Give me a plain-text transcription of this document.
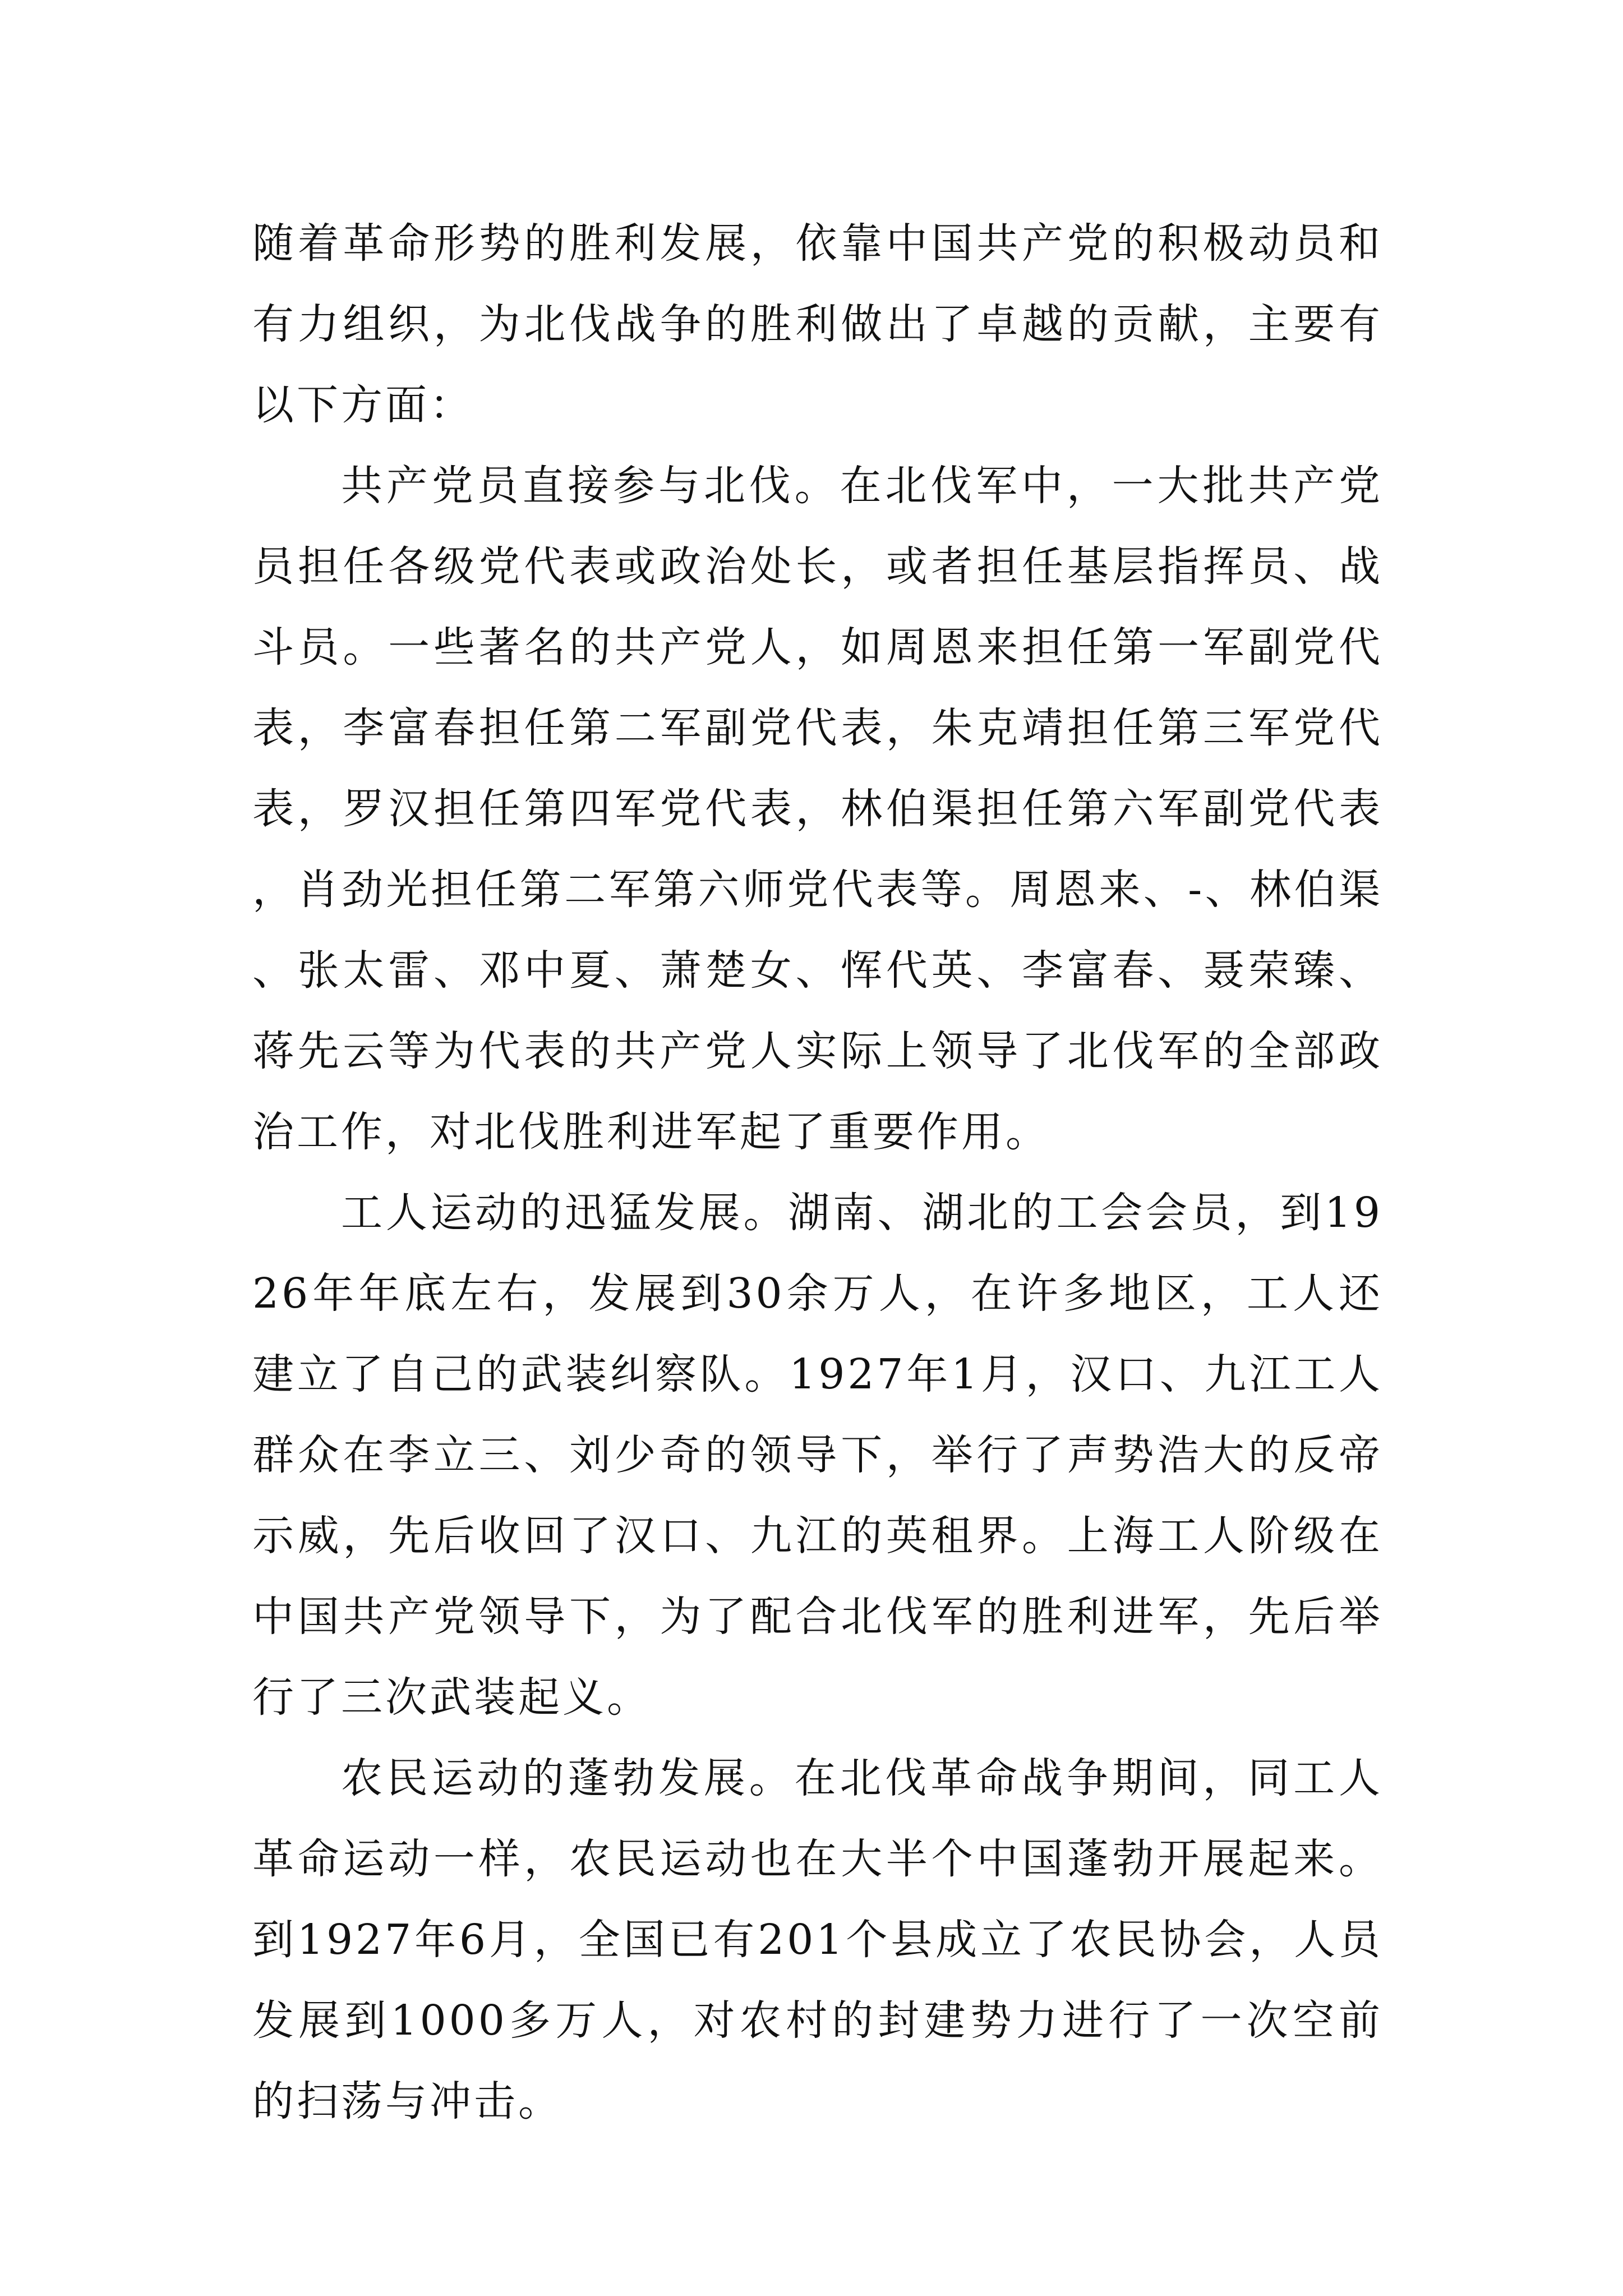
随着革命形势的胜利发展，依靠中国共产党的积极动员和有力组织，为北伐战争的胜利做出了卓越的贡献，主要有以下方面：

共产党员直接参与北伐。在北伐军中，一大批共产党员担任各级党代表或政治处长，或者担任基层指挥员、战斗员。一些著名的共产党人，如周恩来担任第一军副党代表，李富春担任第二军副党代表，朱克靖担任第三军党代表，罗汉担任第四军党代表，林伯渠担任第六军副党代表，肖劲光担任第二军第六师党代表等。周恩来、-、林伯渠、张太雷、邓中夏、萧楚女、恽代英、李富春、聂荣臻、蒋先云等为代表的共产党人实际上领导了北伐军的全部政治工作，对北伐胜利进军起了重要作用。

工人运动的迅猛发展。湖南、湖北的工会会员，到1926年年底左右，发展到30余万人，在许多地区，工人还建立了自己的武装纠察队。1927年1月，汉口、九江工人群众在李立三、刘少奇的领导下，举行了声势浩大的反帝示威，先后收回了汉口、九江的英租界。上海工人阶级在中国共产党领导下，为了配合北伐军的胜利进军，先后举行了三次武装起义。

农民运动的蓬勃发展。在北伐革命战争期间，同工人革命运动一样，农民运动也在大半个中国蓬勃开展起来。到1927年6月，全国已有201个县成立了农民协会，人员发展到1000多万人，对农村的封建势力进行了一次空前的扫荡与冲击。
